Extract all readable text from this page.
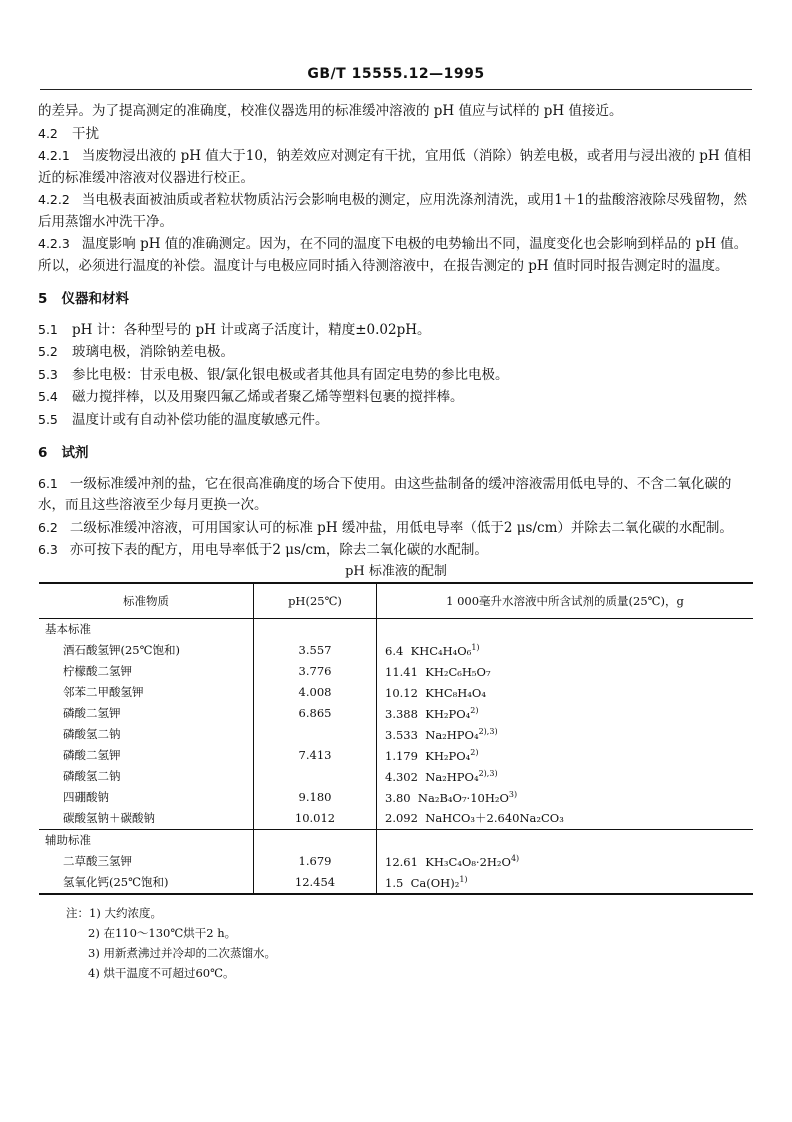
GB/T 15555.12—1995

的差异。为了提高测定的准确度，校准仪器选用的标准缓冲溶液的 pH 值应与试样的 pH 值接近。

4.2 干扰

4.2.1 当废物浸出液的 pH 值大于10，钠差效应对测定有干扰，宜用低（消除）钠差电极，或者用与浸出液的 pH 值相近的标准缓冲溶液对仪器进行校正。

4.2.2 当电极表面被油质或者粒状物质沾污会影响电极的测定，应用洗涤剂清洗，或用1＋1的盐酸溶液除尽残留物，然后用蒸馏水冲洗干净。

4.2.3 温度影响 pH 值的准确测定。因为，在不同的温度下电极的电势输出不同，温度变化也会影响到样品的 pH 值。所以，必须进行温度的补偿。温度计与电极应同时插入待测溶液中，在报告测定的 pH 值时同时报告测定时的温度。

5 仪器和材料

5.1 pH 计：各种型号的 pH 计或离子活度计，精度±0.02pH。

5.2 玻璃电极，消除钠差电极。

5.3 参比电极：甘汞电极、银/氯化银电极或者其他具有固定电势的参比电极。

5.4 磁力搅拌棒，以及用聚四氟乙烯或者聚乙烯等塑料包裹的搅拌棒。

5.5 温度计或有自动补偿功能的温度敏感元件。

6 试剂

6.1 一级标准缓冲剂的盐，它在很高准确度的场合下使用。由这些盐制备的缓冲溶液需用低电导的、不含二氧化碳的水，而且这些溶液至少每月更换一次。

6.2 二级标准缓冲溶液，可用国家认可的标准 pH 缓冲盐，用低电导率（低于2 μs/cm）并除去二氧化碳的水配制。

6.3 亦可按下表的配方，用电导率低于2 μs/cm，除去二氧化碳的水配制。

pH 标准液的配制
标准物质	pH(25℃)	1 000毫升水溶液中所含试剂的质量(25℃)，g
基本标准		
酒石酸氢钾(25℃饱和)	3.557	6.4 KHC₄H₄O₆$^{1)}$
柠檬酸二氢钾	3.776	11.41 KH₂C₆H₅O₇
邻苯二甲酸氢钾	4.008	10.12 KHC₈H₄O₄
磷酸二氢钾	6.865	3.388 KH₂PO₄$^{2)}$
磷酸氢二钠		3.533 Na₂HPO₄$^{2),3)}$
磷酸二氢钾	7.413	1.179 KH₂PO₄$^{2)}$
磷酸氢二钠		4.302 Na₂HPO₄$^{2),3)}$
四硼酸钠	9.180	3.80 $Na_2B_4O_7\cdot 10H_2O^{3)}$
碳酸氢钠＋碳酸钠	10.012	2.092 NaHCO₃＋2.640Na₂CO₃
辅助标准		
二草酸三氢钾	1.679	12.61 $KH_3C_4O_8\cdot 2H_2O^{4)}$
氢氧化钙(25℃饱和)	12.454	1.5 Ca(OH)₂$^{1)}$
注：1) 大约浓度。
2) 在110～130℃烘干2 h。
3) 用新煮沸过并冷却的二次蒸馏水。
4) 烘干温度不可超过60℃。
